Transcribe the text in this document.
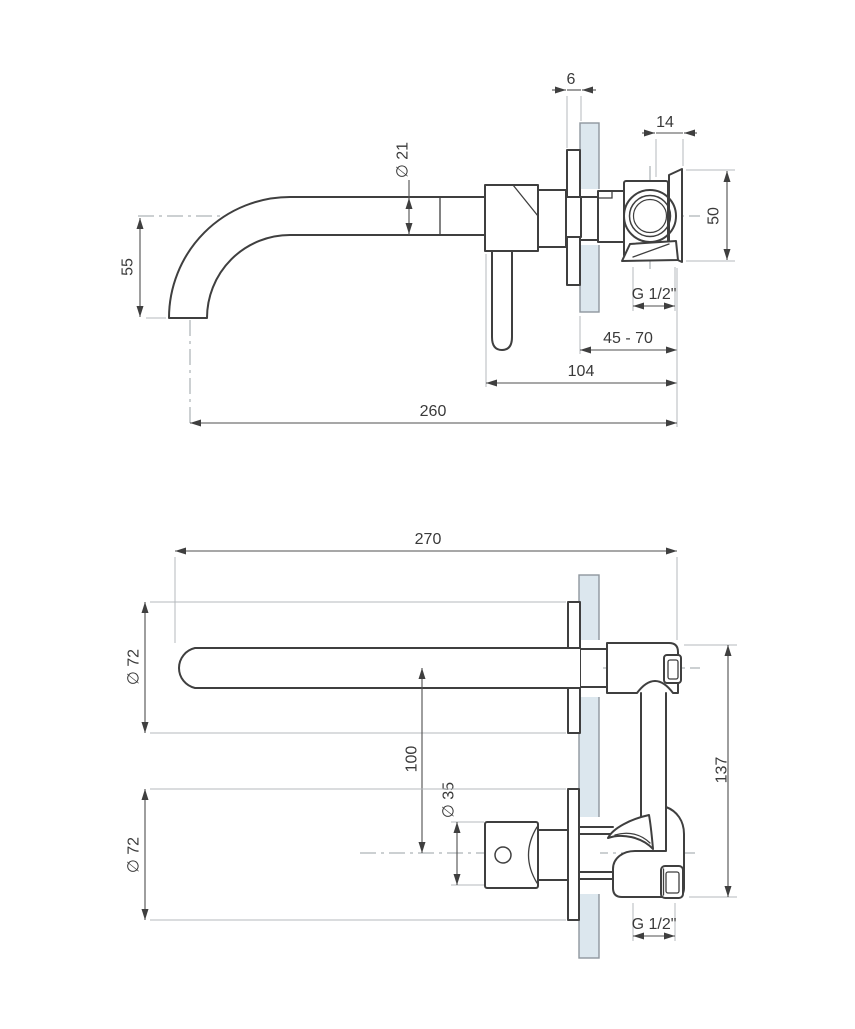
6
∅ 21
14
50
55
G 1/2"
45 - 70
104
260
270
∅ 72
100
∅ 35
∅ 72
137
G 1/2"
